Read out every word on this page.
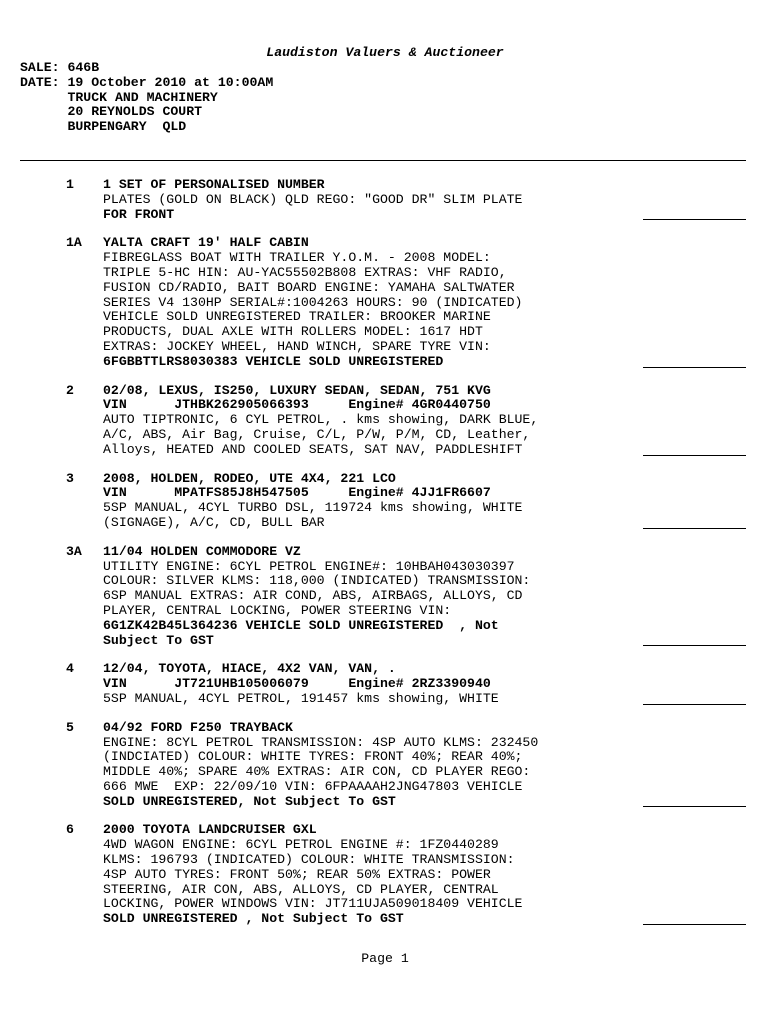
Laudiston Valuers & Auctioneer
SALE: 646B
DATE: 19 October 2010 at 10:00AM
TRUCK AND MACHINERY
20 REYNOLDS COURT
BURPENGARY  QLD
1 1 SET OF PERSONALISED NUMBER
PLATES (GOLD ON BLACK) QLD REGO: "GOOD DR" SLIM PLATE
FOR FRONT
1A YALTA CRAFT 19' HALF CABIN
FIBREGLASS BOAT WITH TRAILER Y.O.M. - 2008 MODEL:
TRIPLE 5-HC HIN: AU-YAC55502B808 EXTRAS: VHF RADIO,
FUSION CD/RADIO, BAIT BOARD ENGINE: YAMAHA SALTWATER
SERIES V4 130HP SERIAL#:1004263 HOURS: 90 (INDICATED)
VEHICLE SOLD UNREGISTERED TRAILER: BROOKER MARINE
PRODUCTS, DUAL AXLE WITH ROLLERS MODEL: 1617 HDT
EXTRAS: JOCKEY WHEEL, HAND WINCH, SPARE TYRE VIN:
6FGBBTTLRS8030383 VEHICLE SOLD UNREGISTERED
2 02/08, LEXUS, IS250, LUXURY SEDAN, SEDAN, 751 KVG
VIN      JTHBK262905066393     Engine# 4GR0440750
AUTO TIPTRONIC, 6 CYL PETROL, . kms showing, DARK BLUE,
A/C, ABS, Air Bag, Cruise, C/L, P/W, P/M, CD, Leather,
Alloys, HEATED AND COOLED SEATS, SAT NAV, PADDLESHIFT
3 2008, HOLDEN, RODEO, UTE 4X4, 221 LCO
VIN      MPATFS85J8H547505     Engine# 4JJ1FR6607
5SP MANUAL, 4CYL TURBO DSL, 119724 kms showing, WHITE
(SIGNAGE), A/C, CD, BULL BAR
3A 11/04 HOLDEN COMMODORE VZ
UTILITY ENGINE: 6CYL PETROL ENGINE#: 10HBAH043030397
COLOUR: SILVER KLMS: 118,000 (INDICATED) TRANSMISSION:
6SP MANUAL EXTRAS: AIR COND, ABS, AIRBAGS, ALLOYS, CD
PLAYER, CENTRAL LOCKING, POWER STEERING VIN:
6G1ZK42B45L364236 VEHICLE SOLD UNREGISTERED  , Not
Subject To GST
4 12/04, TOYOTA, HIACE, 4X2 VAN, VAN, .
VIN      JT721UHB105006079     Engine# 2RZ3390940
5SP MANUAL, 4CYL PETROL, 191457 kms showing, WHITE
5 04/92 FORD F250 TRAYBACK
ENGINE: 8CYL PETROL TRANSMISSION: 4SP AUTO KLMS: 232450
(INDCIATED) COLOUR: WHITE TYRES: FRONT 40%; REAR 40%;
MIDDLE 40%; SPARE 40% EXTRAS: AIR CON, CD PLAYER REGO:
666 MWE  EXP: 22/09/10 VIN: 6FPAAAAH2JNG47803 VEHICLE
SOLD UNREGISTERED, Not Subject To GST
6 2000 TOYOTA LANDCRUISER GXL
4WD WAGON ENGINE: 6CYL PETROL ENGINE #: 1FZ0440289
KLMS: 196793 (INDICATED) COLOUR: WHITE TRANSMISSION:
4SP AUTO TYRES: FRONT 50%; REAR 50% EXTRAS: POWER
STEERING, AIR CON, ABS, ALLOYS, CD PLAYER, CENTRAL
LOCKING, POWER WINDOWS VIN: JT711UJA509018409 VEHICLE
SOLD UNREGISTERED , Not Subject To GST
Page 1
